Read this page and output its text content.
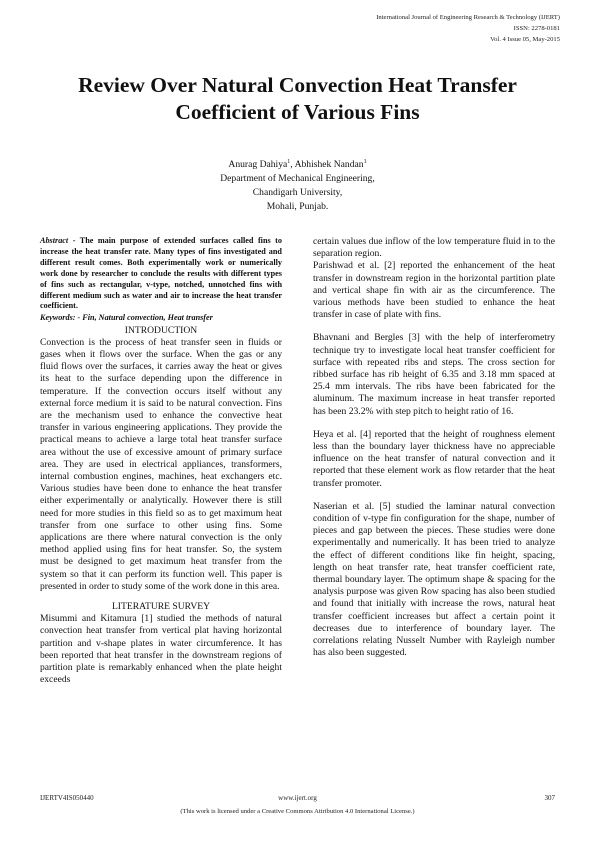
International Journal of Engineering Research & Technology (IJERT)
ISSN: 2278-0181
Vol. 4 Issue 05, May-2015
Review Over Natural Convection Heat Transfer
Coefficient of Various Fins
Anurag Dahiya$^1$, Abhishek Nandan$^1$
Department of Mechanical Engineering,
Chandigarh University,
Mohali, Punjab.

Abstract - The main purpose of extended surfaces called fins to increase the heat transfer rate. Many types of fins investigated and different result comes. Both experimentally work or numerically work done by researcher to conclude the results with different types of fins such as rectangular, v-type, notched, unnotched fins with different medium such as water and air to increase the heat transfer coefficient.

Keywords: - Fin, Natural convection, Heat transfer

INTRODUCTION

Convection is the process of heat transfer seen in fluids or gases when it flows over the surface. When the gas or any fluid flows over the surfaces, it carries away the heat or gives its heat to the surface depending upon the difference in temperature. If the convection occurs itself without any external force medium it is said to be natural convection. Fins are the mechanism used to enhance the convective heat transfer in various engineering applications. They provide the practical means to achieve a large total heat transfer surface area without the use of excessive amount of primary surface area. They are used in electrical appliances, transformers, internal combustion engines, machines, heat exchangers etc. Various studies have been done to enhance the heat transfer either experimentally or analytically. However there is still need for more studies in this field so as to get maximum heat transfer from one surface to other using fins. Some applications are there where natural convection is the only method applied using fins for heat transfer. So, the system must be designed to get maximum heat transfer from the system so that it can perform its function well. This paper is presented in order to study some of the work done in this area.

LITERATURE SURVEY

Misummi and Kitamura [1] studied the methods of natural convection heat transfer from vertical plat having horizontal partition and v-shape plates in water circumference. It has been reported that heat transfer in the downstream regions of partition plate is remarkably enhanced when the plate height exceeds

certain values due inflow of the low temperature fluid in to the separation region.

Parishwad et al. [2] reported the enhancement of the heat transfer in downstream region in the horizontal partition plate and vertical shape fin with air as the circumference. The various methods have been studied to enhance the heat transfer in case of plate with fins.

Bhavnani and Bergles [3] with the help of interferometry technique try to investigate local heat transfer coefficient for surface with repeated ribs and steps. The cross section for ribbed surface has rib height of 6.35 and 3.18 mm spaced at 25.4 mm intervals. The ribs have been fabricated for the aluminum. The maximum increase in heat transfer reported has been 23.2% with step pitch to height ratio of 16.

Heya et al. [4] reported that the height of roughness element less than the boundary layer thickness have no appreciable influence on the heat transfer of natural convection and it reported that these element work as flow retarder that the heat transfer promoter.

Naserian et al. [5] studied the laminar natural convection condition of v-type fin configuration for the shape, number of pieces and gap between the pieces. These studies were done experimentally and numerically. It has been tried to analyze the effect of different conditions like fin height, spacing, length on heat transfer rate, heat transfer coefficient rate, thermal boundary layer. The optimum shape & spacing for the analysis purpose was given Row spacing has also been studied and found that initially with increase the rows, natural heat transfer coefficient increases but affect a certain point it decreases due to interference of boundary layer. The correlations relating Nusselt Number with Rayleigh number has also been suggested.

IJERTV4IS050440	www.ijert.org	307
(This work is licensed under a Creative Commons Attribution 4.0 International License.)
